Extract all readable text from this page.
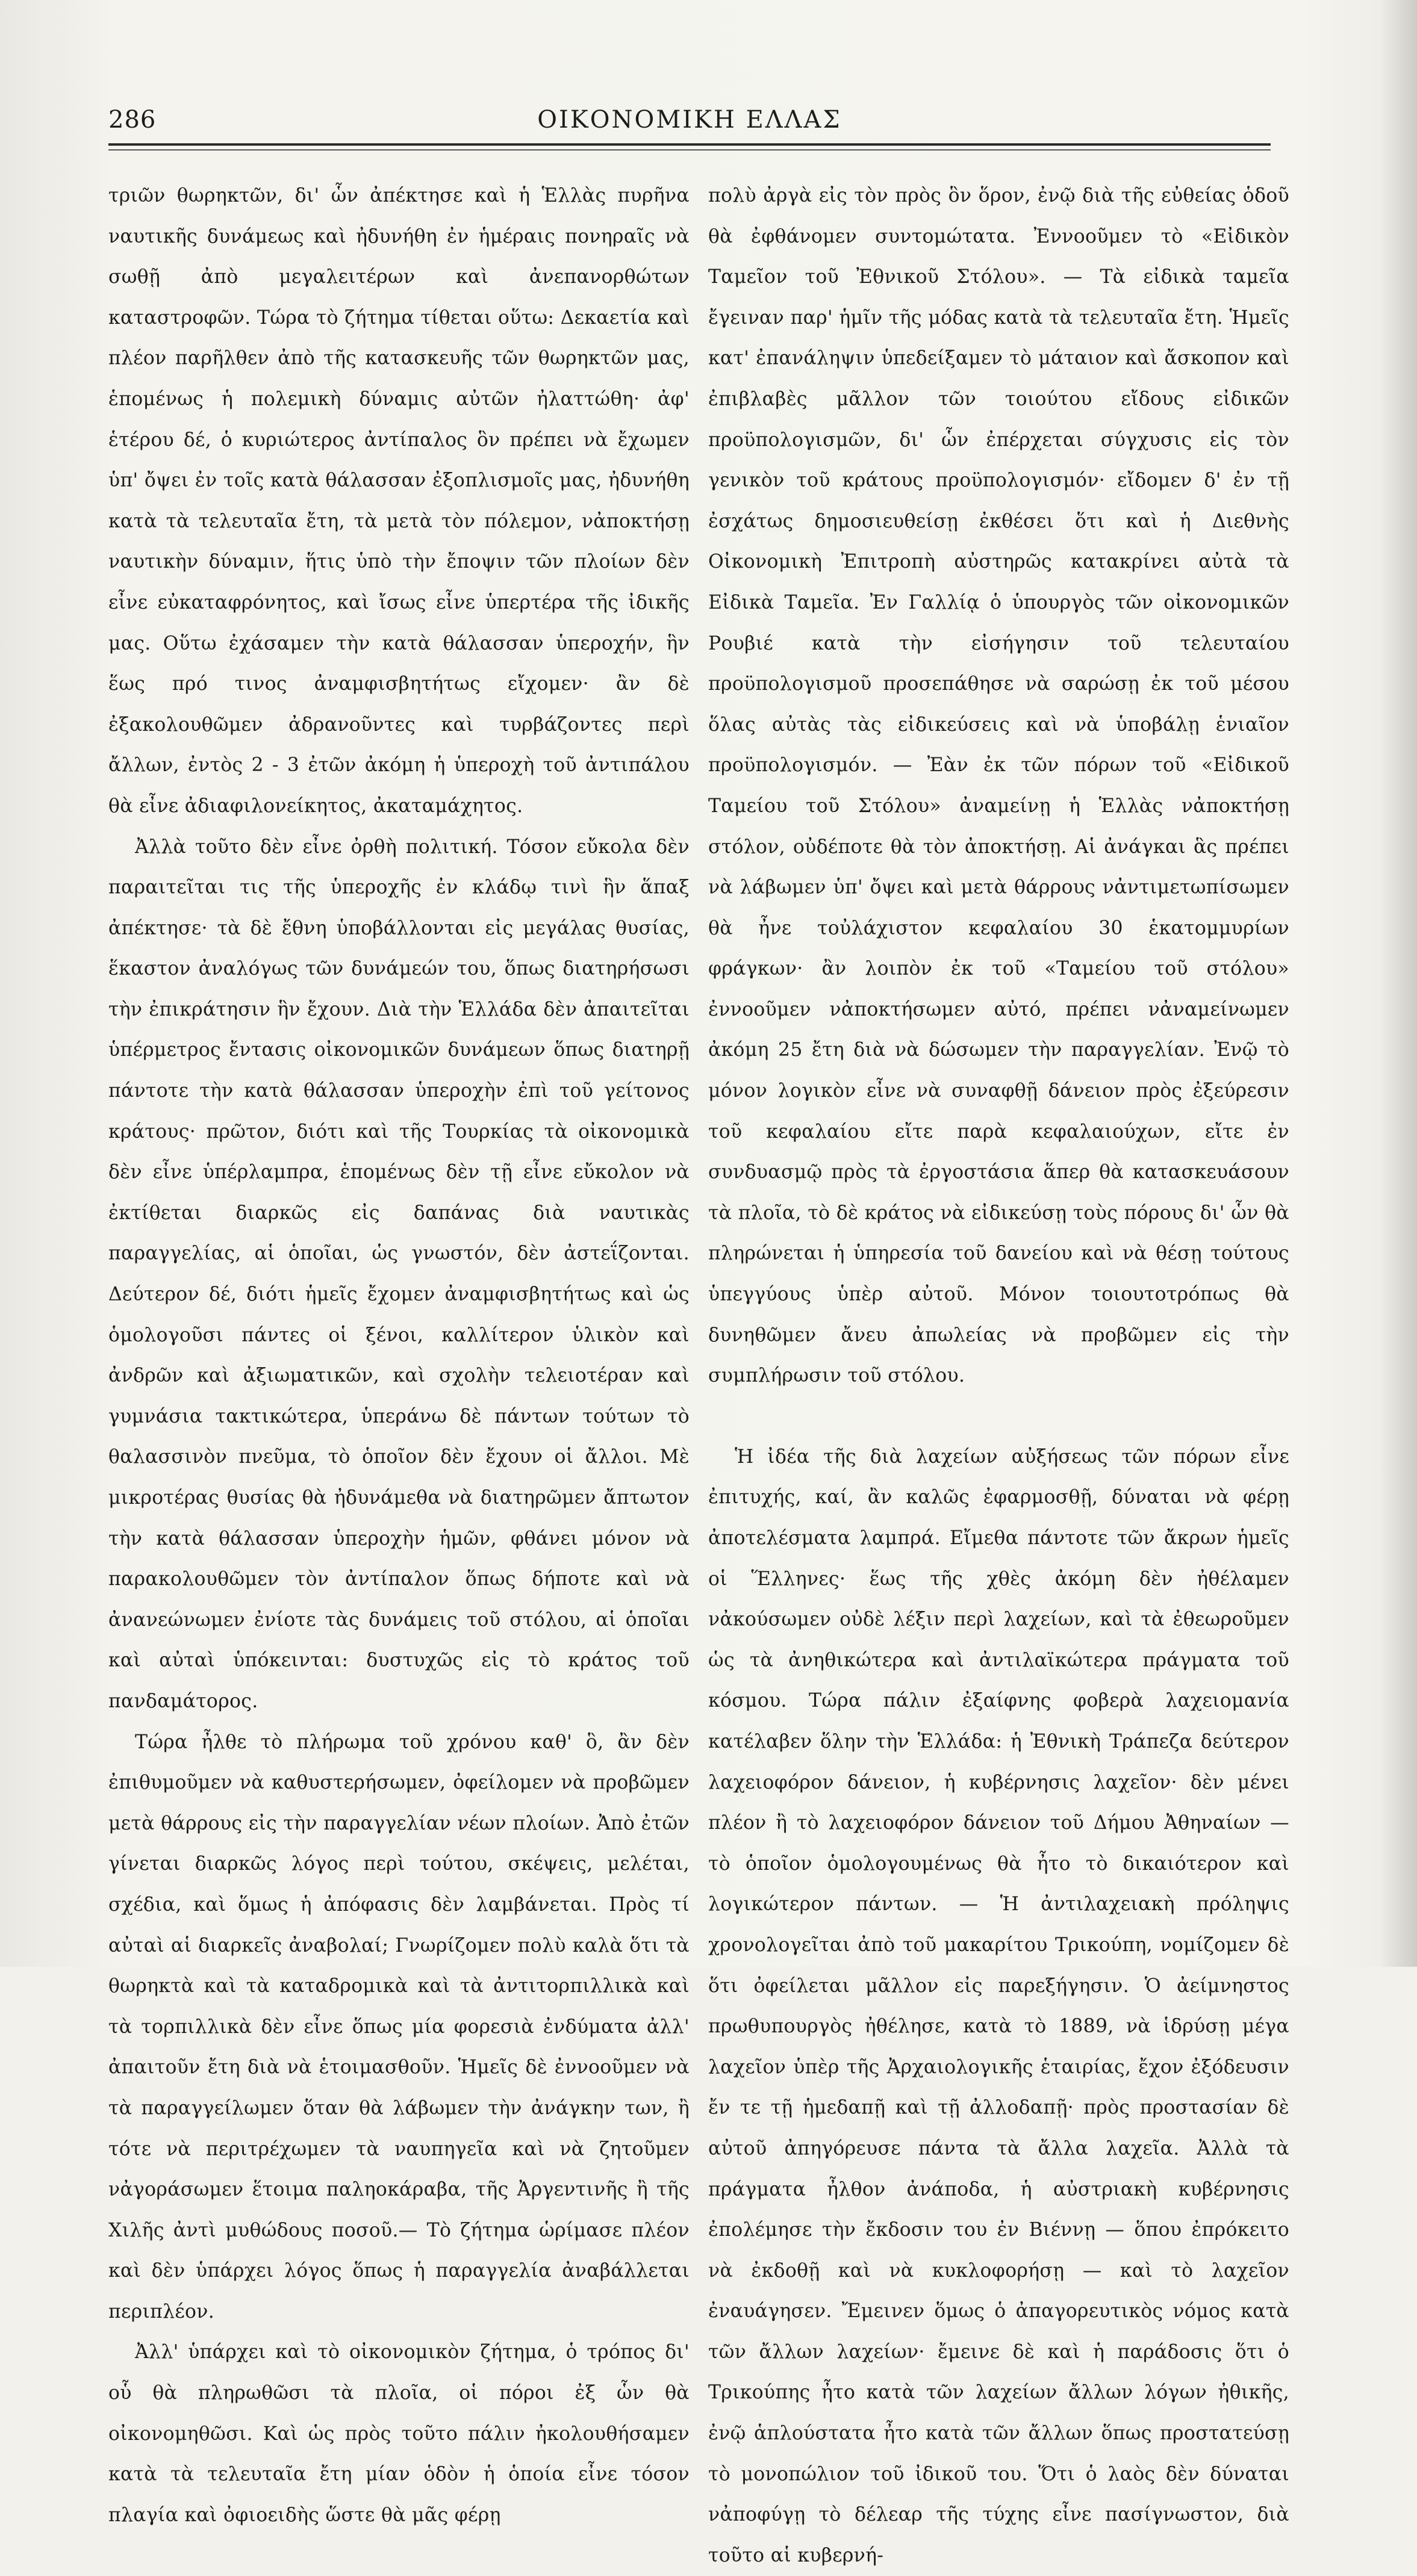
286	ΟΙΚΟΝΟΜΙΚΗ ΕΛΛΑΣ

τριῶν θωρηκτῶν, δι' ὧν ἀπέκτησε καὶ ἡ Ἑλλὰς πυρῆνα ναυτικῆς δυνάμεως καὶ ἠδυνήθη ἐν ἡμέραις πονηραῖς νὰ σωθῇ ἀπὸ μεγαλειτέρων καὶ ἀνεπανορθώτων καταστροφῶν. Τώρα τὸ ζήτημα τίθεται οὕτω: Δεκαετία καὶ πλέον παρῆλθεν ἀπὸ τῆς κατασκευῆς τῶν θωρηκτῶν μας, ἑπομένως ἡ πολεμικὴ δύναμις αὐτῶν ἠλαττώθη· ἀφ' ἑτέρου δέ, ὁ κυριώτερος ἀντίπαλος ὃν πρέπει νὰ ἔχωμεν ὑπ' ὄψει ἐν τοῖς κατὰ θάλασσαν ἐξοπλισμοῖς μας, ἠδυνήθη κατὰ τὰ τελευταῖα ἔτη, τὰ μετὰ τὸν πόλεμον, νἀποκτήσῃ ναυτικὴν δύναμιν, ἥτις ὑπὸ τὴν ἔποψιν τῶν πλοίων δὲν εἶνε εὐκαταφρόνητος, καὶ ἴσως εἶνε ὑπερτέρα τῆς ἰδικῆς μας. Οὕτω ἐχάσαμεν τὴν κατὰ θάλασσαν ὑπεροχήν, ἣν ἕως πρό τινος ἀναμφισβητήτως εἴχομεν· ἂν δὲ ἐξακολουθῶμεν ἀδρανοῦντες καὶ τυρβάζοντες περὶ ἄλλων, ἐντὸς 2 - 3 ἐτῶν ἀκόμη ἡ ὑπεροχὴ τοῦ ἀντιπάλου θὰ εἶνε ἀδιαφιλονείκητος, ἀκαταμάχητος.

Ἀλλὰ τοῦτο δὲν εἶνε ὀρθὴ πολιτική. Τόσον εὔκολα δὲν παραιτεῖται τις τῆς ὑπεροχῆς ἐν κλάδῳ τινὶ ἣν ἅπαξ ἀπέκτησε· τὰ δὲ ἔθνη ὑποβάλλονται εἰς μεγάλας θυσίας, ἕκαστον ἀναλόγως τῶν δυνάμεών του, ὅπως διατηρήσωσι τὴν ἐπικράτησιν ἣν ἔχουν. Διὰ τὴν Ἑλλάδα δὲν ἀπαιτεῖται ὑπέρμετρος ἔντασις οἰκονομικῶν δυνάμεων ὅπως διατηρῇ πάντοτε τὴν κατὰ θάλασσαν ὑπεροχὴν ἐπὶ τοῦ γείτονος κράτους· πρῶτον, διότι καὶ τῆς Τουρκίας τὰ οἰκονομικὰ δὲν εἶνε ὑπέρλαμπρα, ἑπομένως δὲν τῇ εἶνε εὔκολον νὰ ἐκτίθεται διαρκῶς εἰς δαπάνας διὰ ναυτικὰς παραγγελίας, αἱ ὁποῖαι, ὡς γνωστόν, δὲν ἀστεΐζονται. Δεύτερον δέ, διότι ἡμεῖς ἔχομεν ἀναμφισβητήτως καὶ ὡς ὁμολογοῦσι πάντες οἱ ξένοι, καλλίτερον ὑλικὸν καὶ ἀνδρῶν καὶ ἀξιωματικῶν, καὶ σχολὴν τελειοτέραν καὶ γυμνάσια τακτικώτερα, ὑπεράνω δὲ πάντων τούτων τὸ θαλασσινὸν πνεῦμα, τὸ ὁποῖον δὲν ἔχουν οἱ ἄλλοι. Μὲ μικροτέρας θυσίας θὰ ἠδυνάμεθα νὰ διατηρῶμεν ἄπτωτον τὴν κατὰ θάλασσαν ὑπεροχὴν ἡμῶν, φθάνει μόνον νὰ παρακολουθῶμεν τὸν ἀντίπαλον ὅπως δήποτε καὶ νὰ ἀνανεώνωμεν ἐνίοτε τὰς δυνάμεις τοῦ στόλου, αἱ ὁποῖαι καὶ αὐταὶ ὑπόκεινται: δυστυχῶς εἰς τὸ κράτος τοῦ πανδαμάτορος.

Τώρα ἦλθε τὸ πλήρωμα τοῦ χρόνου καθ' ὃ, ἂν δὲν ἐπιθυμοῦμεν νὰ καθυστερήσωμεν, ὀφείλομεν νὰ προβῶμεν μετὰ θάρρους εἰς τὴν παραγγελίαν νέων πλοίων. Ἀπὸ ἐτῶν γίνεται διαρκῶς λόγος περὶ τούτου, σκέψεις, μελέται, σχέδια, καὶ ὅμως ἡ ἀπόφασις δὲν λαμβάνεται. Πρὸς τί αὐταὶ αἱ διαρκεῖς ἀναβολαί; Γνωρίζομεν πολὺ καλὰ ὅτι τὰ θωρηκτὰ καὶ τὰ καταδρομικὰ καὶ τὰ ἀντιτορπιλλικὰ καὶ τὰ τορπιλλικὰ δὲν εἶνε ὅπως μία φορεσιὰ ἐνδύματα ἀλλ' ἀπαιτοῦν ἔτη διὰ νὰ ἑτοιμασθοῦν. Ἡμεῖς δὲ ἐννοοῦμεν νὰ τὰ παραγγείλωμεν ὅταν θὰ λάβωμεν τὴν ἀνάγκην των, ἢ τότε νὰ περιτρέχωμεν τὰ ναυπηγεῖα καὶ νὰ ζητοῦμεν νἀγοράσωμεν ἕτοιμα παληοκάραβα, τῆς Ἀργεντινῆς ἢ τῆς Χιλῆς ἀντὶ μυθώδους ποσοῦ.— Τὸ ζήτημα ὡρίμασε πλέον καὶ δὲν ὑπάρχει λόγος ὅπως ἡ παραγγελία ἀναβάλλεται περιπλέον.

Ἀλλ' ὑπάρχει καὶ τὸ οἰκονομικὸν ζήτημα, ὁ τρόπος δι' οὗ θὰ πληρωθῶσι τὰ πλοῖα, οἱ πόροι ἐξ ὧν θὰ οἰκονομηθῶσι. Καὶ ὡς πρὸς τοῦτο πάλιν ἠκολουθήσαμεν κατὰ τὰ τελευταῖα ἔτη μίαν ὁδὸν ἡ ὁποία εἶνε τόσον πλαγία καὶ ὀφιοειδὴς ὥστε θὰ μᾶς φέρῃ

πολὺ ἀργὰ εἰς τὸν πρὸς ὃν ὅρον, ἐνῷ διὰ τῆς εὐθείας ὁδοῦ θὰ ἐφθάνομεν συντομώτατα. Ἐννοοῦμεν τὸ «Εἰδικὸν Ταμεῖον τοῦ Ἐθνικοῦ Στόλου». — Τὰ εἰδικὰ ταμεῖα ἔγειναν παρ' ἡμῖν τῆς μόδας κατὰ τὰ τελευταῖα ἔτη. Ἡμεῖς κατ' ἐπανάληψιν ὑπεδείξαμεν τὸ μάταιον καὶ ἄσκοπον καὶ ἐπιβλαβὲς μᾶλλον τῶν τοιούτου εἴδους εἰδικῶν προϋπολογισμῶν, δι' ὧν ἐπέρχεται σύγχυσις εἰς τὸν γενικὸν τοῦ κράτους προϋπολογισμόν· εἴδομεν δ' ἐν τῇ ἐσχάτως δημοσιευθείσῃ ἐκθέσει ὅτι καὶ ἡ Διεθνὴς Οἰκονομικὴ Ἐπιτροπὴ αὐστηρῶς κατακρίνει αὐτὰ τὰ Εἰδικὰ Ταμεῖα. Ἐν Γαλλίᾳ ὁ ὑπουργὸς τῶν οἰκονομικῶν Ρουβιέ κατὰ τὴν εἰσήγησιν τοῦ τελευταίου προϋπολογισμοῦ προσεπάθησε νὰ σαρώσῃ ἐκ τοῦ μέσου ὅλας αὐτὰς τὰς εἰδικεύσεις καὶ νὰ ὑποβάλῃ ἑνιαῖον προϋπολογισμόν. — Ἐὰν ἐκ τῶν πόρων τοῦ «Εἰδικοῦ Ταμείου τοῦ Στόλου» ἀναμείνῃ ἡ Ἑλλὰς νἀποκτήσῃ στόλον, οὐδέποτε θὰ τὸν ἀποκτήσῃ. Αἱ ἀνάγκαι ἃς πρέπει νὰ λάβωμεν ὑπ' ὄψει καὶ μετὰ θάρρους νἀντιμετωπίσωμεν θὰ ἦνε τοὐλάχιστον κεφαλαίου 30 ἑκατομμυρίων φράγκων· ἂν λοιπὸν ἐκ τοῦ «Ταμείου τοῦ στόλου» ἐννοοῦμεν νἀποκτήσωμεν αὐτό, πρέπει νἀναμείνωμεν ἀκόμη 25 ἔτη διὰ νὰ δώσωμεν τὴν παραγγελίαν. Ἐνῷ τὸ μόνον λογικὸν εἶνε νὰ συναφθῇ δάνειον πρὸς ἐξεύρεσιν τοῦ κεφαλαίου εἴτε παρὰ κεφαλαιούχων, εἴτε ἐν συνδυασμῷ πρὸς τὰ ἐργοστάσια ἅπερ θὰ κατασκευάσουν τὰ πλοῖα, τὸ δὲ κράτος νὰ εἰδικεύσῃ τοὺς πόρους δι' ὧν θὰ πληρώνεται ἡ ὑπηρεσία τοῦ δανείου καὶ νὰ θέσῃ τούτους ὑπεγγύους ὑπὲρ αὐτοῦ. Μόνον τοιουτοτρόπως θὰ δυνηθῶμεν ἄνευ ἀπωλείας νὰ προβῶμεν εἰς τὴν συμπλήρωσιν τοῦ στόλου.

Ἡ ἰδέα τῆς διὰ λαχείων αὐξήσεως τῶν πόρων εἶνε ἐπιτυχής, καί, ἂν καλῶς ἐφαρμοσθῇ, δύναται νὰ φέρῃ ἀποτελέσματα λαμπρά. Εἴμεθα πάντοτε τῶν ἄκρων ἡμεῖς οἱ Ἕλληνες· ἕως τῆς χθὲς ἀκόμη δὲν ἠθέλαμεν νἀκούσωμεν οὐδὲ λέξιν περὶ λαχείων, καὶ τὰ ἐθεωροῦμεν ὡς τὰ ἀνηθικώτερα καὶ ἀντιλαϊκώτερα πράγματα τοῦ κόσμου. Τώρα πάλιν ἐξαίφνης φοβερὰ λαχειομανία κατέλαβεν ὅλην τὴν Ἑλλάδα: ἡ Ἐθνικὴ Τράπεζα δεύτερον λαχειοφόρον δάνειον, ἡ κυβέρνησις λαχεῖον· δὲν μένει πλέον ἢ τὸ λαχειοφόρον δάνειον τοῦ Δήμου Ἀθηναίων — τὸ ὁποῖον ὁμολογουμένως θὰ ἦτο τὸ δικαιότερον καὶ λογικώτερον πάντων. — Ἡ ἀντιλαχειακὴ πρόληψις χρονολογεῖται ἀπὸ τοῦ μακαρίτου Τρικούπη, νομίζομεν δὲ ὅτι ὀφείλεται μᾶλλον εἰς παρεξήγησιν. Ὁ ἀείμνηστος πρωθυπουργὸς ἠθέλησε, κατὰ τὸ 1889, νὰ ἱδρύσῃ μέγα λαχεῖον ὑπὲρ τῆς Ἀρχαιολογικῆς ἑταιρίας, ἔχον ἐξόδευσιν ἔν τε τῇ ἡμεδαπῇ καὶ τῇ ἀλλοδαπῇ· πρὸς προστασίαν δὲ αὐτοῦ ἀπηγόρευσε πάντα τὰ ἄλλα λαχεῖα. Ἀλλὰ τὰ πράγματα ἦλθον ἀνάποδα, ἡ αὐστριακὴ κυβέρνησις ἐπολέμησε τὴν ἔκδοσιν του ἐν Βιέννῃ — ὅπου ἐπρόκειτο νὰ ἐκδοθῇ καὶ νὰ κυκλοφορήσῃ — καὶ τὸ λαχεῖον ἐναυάγησεν. Ἔμεινεν ὅμως ὁ ἀπαγορευτικὸς νόμος κατὰ τῶν ἄλλων λαχείων· ἔμεινε δὲ καὶ ἡ παράδοσις ὅτι ὁ Τρικούπης ἦτο κατὰ τῶν λαχείων ἄλλων λόγων ἠθικῆς, ἐνῷ ἁπλούστατα ἦτο κατὰ τῶν ἄλλων ὅπως προστατεύσῃ τὸ μονοπώλιον τοῦ ἰδικοῦ του. Ὅτι ὁ λαὸς δὲν δύναται νἀποφύγῃ τὸ δέλεαρ τῆς τύχης εἶνε πασίγνωστον, διὰ τοῦτο αἱ κυβερνή-
